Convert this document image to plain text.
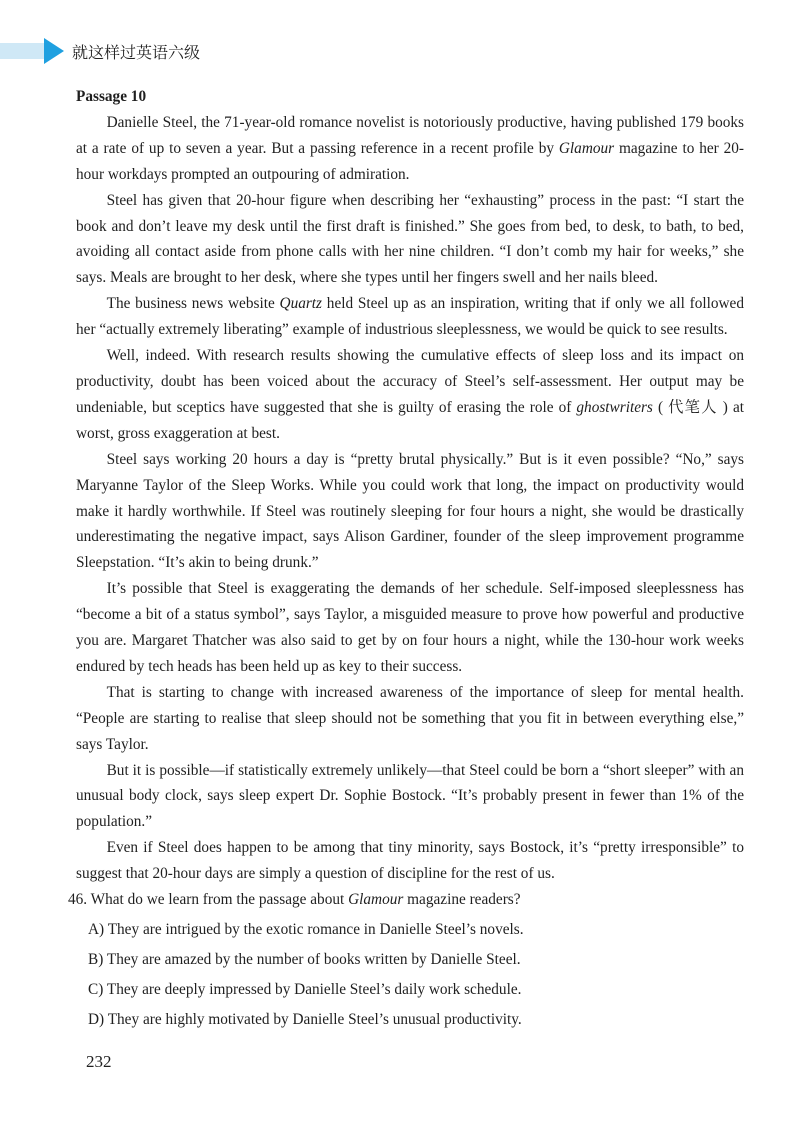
就这样过英语六级

Passage 10

Danielle Steel, the 71-year-old romance novelist is notoriously productive, having published 179 books at a rate of up to seven a year. But a passing reference in a recent profile by Glamour magazine to her 20-hour workdays prompted an outpouring of admiration.

Steel has given that 20-hour figure when describing her “exhausting” process in the past: “I start the book and don’t leave my desk until the first draft is finished.” She goes from bed, to desk, to bath, to bed, avoiding all contact aside from phone calls with her nine children. “I don’t comb my hair for weeks,” she says. Meals are brought to her desk, where she types until her fingers swell and her nails bleed.

The business news website Quartz held Steel up as an inspiration, writing that if only we all followed her “actually extremely liberating” example of industrious sleeplessness, we would be quick to see results.

Well, indeed. With research results showing the cumulative effects of sleep loss and its impact on productivity, doubt has been voiced about the accuracy of Steel’s self-assessment. Her output may be undeniable, but sceptics have suggested that she is guilty of erasing the role of ghostwriters ( 代笔人 ) at worst, gross exaggeration at best.

Steel says working 20 hours a day is “pretty brutal physically.” But is it even possible? “No,” says Maryanne Taylor of the Sleep Works. While you could work that long, the impact on productivity would make it hardly worthwhile. If Steel was routinely sleeping for four hours a night, she would be drastically underestimating the negative impact, says Alison Gardiner, founder of the sleep improvement programme Sleepstation. “It’s akin to being drunk.”

It’s possible that Steel is exaggerating the demands of her schedule. Self-imposed sleeplessness has “become a bit of a status symbol”, says Taylor, a misguided measure to prove how powerful and productive you are. Margaret Thatcher was also said to get by on four hours a night, while the 130-hour work weeks endured by tech heads has been held up as key to their success.

That is starting to change with increased awareness of the importance of sleep for mental health. “People are starting to realise that sleep should not be something that you fit in between everything else,” says Taylor.

But it is possible—if statistically extremely unlikely—that Steel could be born a “short sleeper” with an unusual body clock, says sleep expert Dr. Sophie Bostock. “It’s probably present in fewer than 1% of the population.”

Even if Steel does happen to be among that tiny minority, says Bostock, it’s “pretty irresponsible” to suggest that 20-hour days are simply a question of discipline for the rest of us.

46. What do we learn from the passage about Glamour magazine readers?

A) They are intrigued by the exotic romance in Danielle Steel’s novels.

B) They are amazed by the number of books written by Danielle Steel.

C) They are deeply impressed by Danielle Steel’s daily work schedule.

D) They are highly motivated by Danielle Steel’s unusual productivity.

232
